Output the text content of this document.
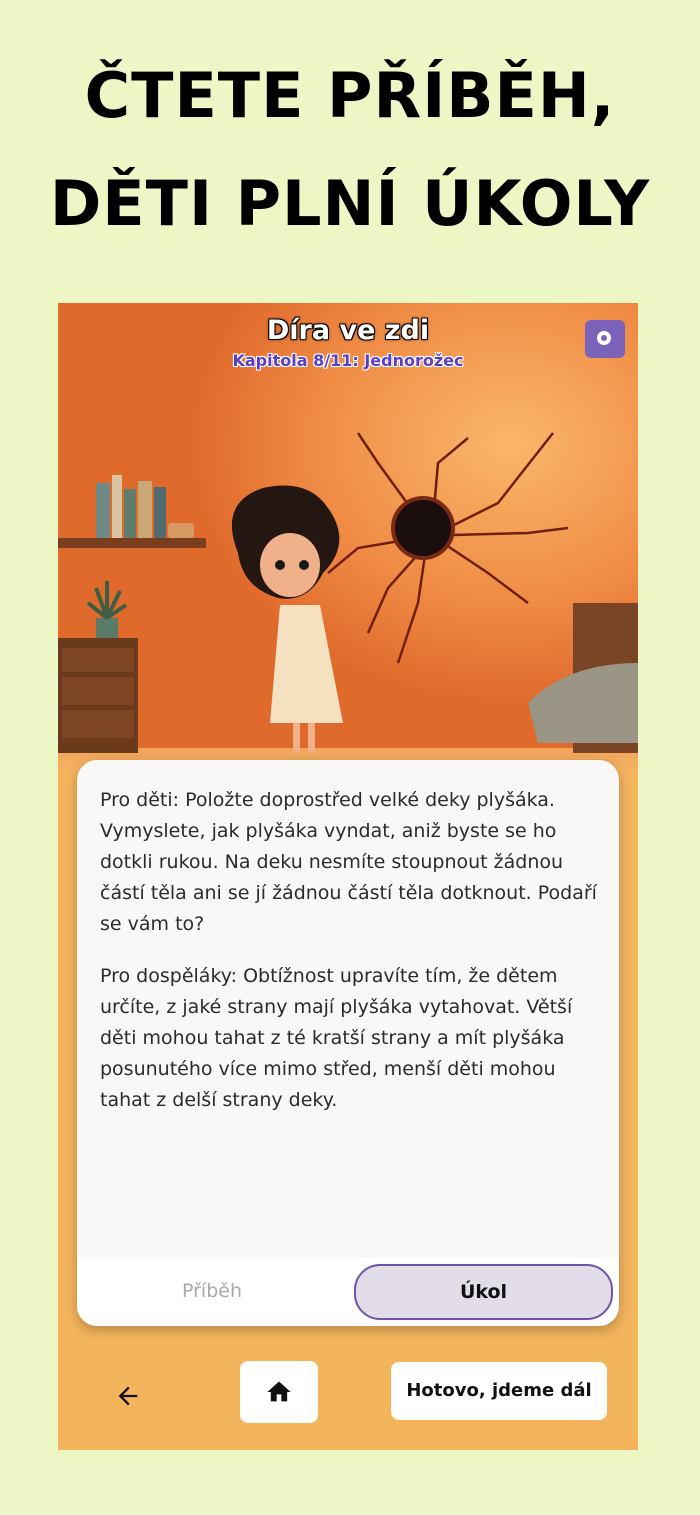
ČTETE PŘÍBĚH,
DĚTI PLNÍ ÚKOLY
Díra ve zdi
Kapitola 8/11: Jednorožec

Pro děti: Položte doprostřed velké deky plyšáka. Vymyslete, jak plyšáka vyndat, aniž byste se ho dotkli rukou. Na deku nesmíte stoupnout žádnou částí těla ani se jí žádnou částí těla dotknout. Podaří se vám to?

Pro dospěláky: Obtížnost upravíte tím, že dětem určíte, z jaké strany mají plyšáka vytahovat. Větší děti mohou tahat z té kratší strany a mít plyšáka posunutého více mimo střed, menší děti mohou tahat z delší strany deky.

Příběh	Úkol
Hotovo, jdeme dál
